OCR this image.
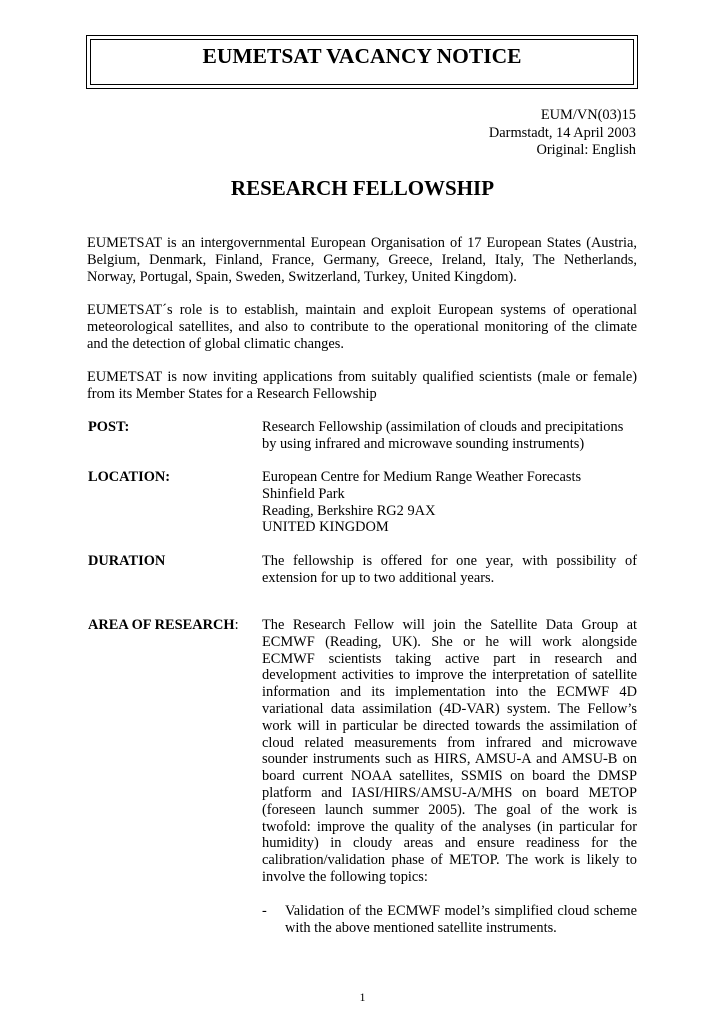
EUMETSAT VACANCY NOTICE
EUM/VN(03)15
Darmstadt, 14 April 2003
Original: English
RESEARCH FELLOWSHIP
EUMETSAT is an intergovernmental European Organisation of 17 European States (Austria, Belgium, Denmark, Finland, France, Germany, Greece, Ireland, Italy, The Netherlands, Norway, Portugal, Spain, Sweden, Switzerland, Turkey, United Kingdom).
EUMETSAT´s role is to establish, maintain and exploit European systems of operational meteorological satellites, and also to contribute to the operational monitoring of the climate and the detection of global climatic changes.
EUMETSAT is now inviting applications from suitably qualified scientists (male or female) from its Member States for a Research Fellowship
POST:	Research Fellowship (assimilation of clouds and precipitations by using infrared and microwave sounding instruments)
LOCATION:	European Centre for Medium Range Weather Forecasts
Shinfield Park
Reading, Berkshire RG2 9AX
UNITED KINGDOM
DURATION	The fellowship is offered for one year, with possibility of extension for up to two additional years.
AREA OF RESEARCH: The Research Fellow will join the Satellite Data Group at ECMWF (Reading, UK). She or he will work alongside ECMWF scientists taking active part in research and development activities to improve the interpretation of satellite information and its implementation into the ECMWF 4D variational data assimilation (4D-VAR) system. The Fellow’s work will in particular be directed towards the assimilation of cloud related measurements from infrared and microwave sounder instruments such as HIRS, AMSU-A and AMSU-B on board current NOAA satellites, SSMIS on board the DMSP platform and IASI/HIRS/AMSU-A/MHS on board METOP (foreseen launch summer 2005). The goal of the work is twofold: improve the quality of the analyses (in particular for humidity) in cloudy areas and ensure readiness for the calibration/validation phase of METOP. The work is likely to involve the following topics:
- Validation of the ECMWF model’s simplified cloud scheme with the above mentioned satellite instruments.
1
